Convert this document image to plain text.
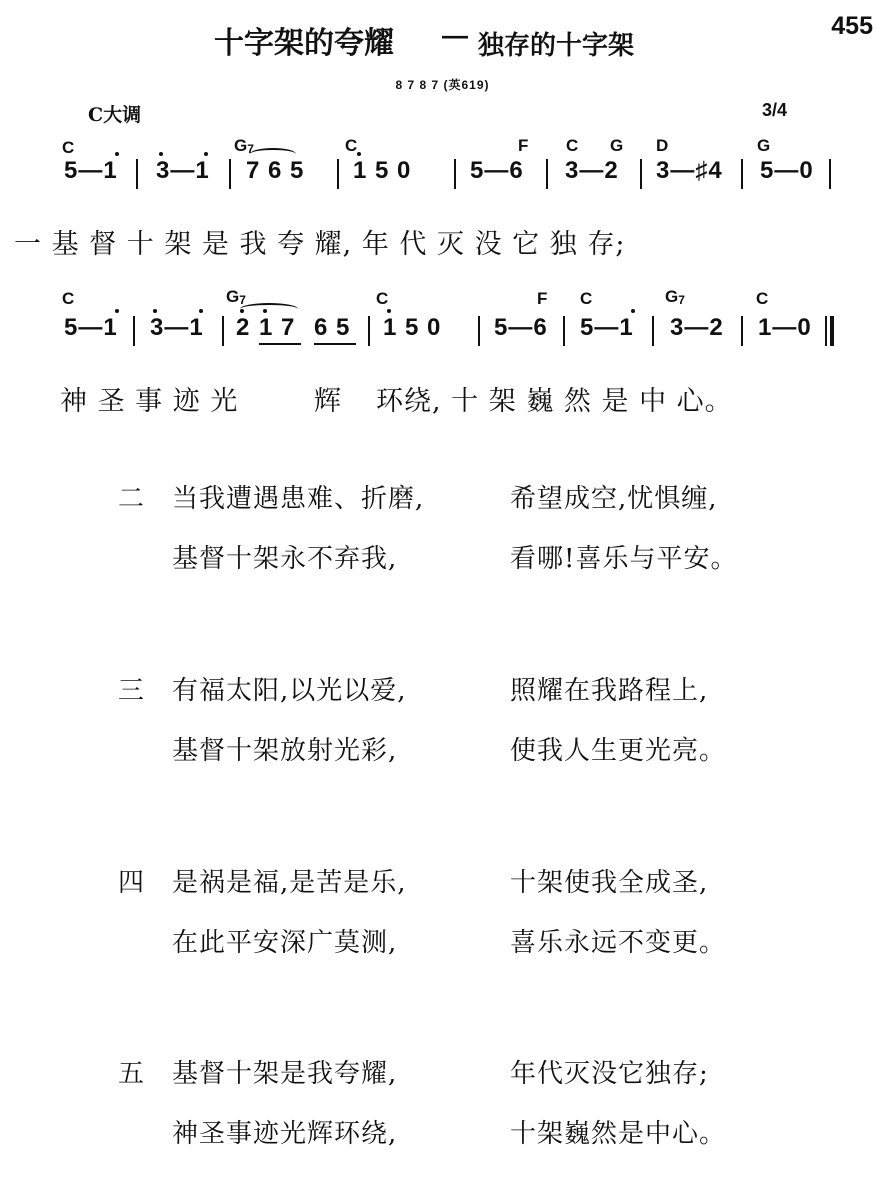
十字架的夸耀 — 独存的十字架
455
8 7 8 7 (英619)
C大调	3/4
C	$G_7$	C	F C G D	G
5—1 3—1 7 6 5 1 5 0 5—6 3—2 3—♯4 5—0
一 基 督 十 架 是 我 夸 耀, 年 代 灭 没 它 独 存;
C	$G_7$	C	F C	$G_7$	C
5—1 3—1 2 1 7 6 5 1 5 0 5—6 5—1 3—2 1—0
神 圣 事 迹 光	辉 环绕, 十 架 巍 然 是 中 心。
二 当我遭遇患难、折磨,	希望成空,忧惧缠,
基督十架永不弃我,	看哪!喜乐与平安。
三 有福太阳,以光以爱,	照耀在我路程上,
基督十架放射光彩,	使我人生更光亮。
四 是祸是福,是苦是乐,	十架使我全成圣,
在此平安深广莫测,	喜乐永远不变更。
五 基督十架是我夸耀,	年代灭没它独存;
神圣事迹光辉环绕,	十架巍然是中心。
